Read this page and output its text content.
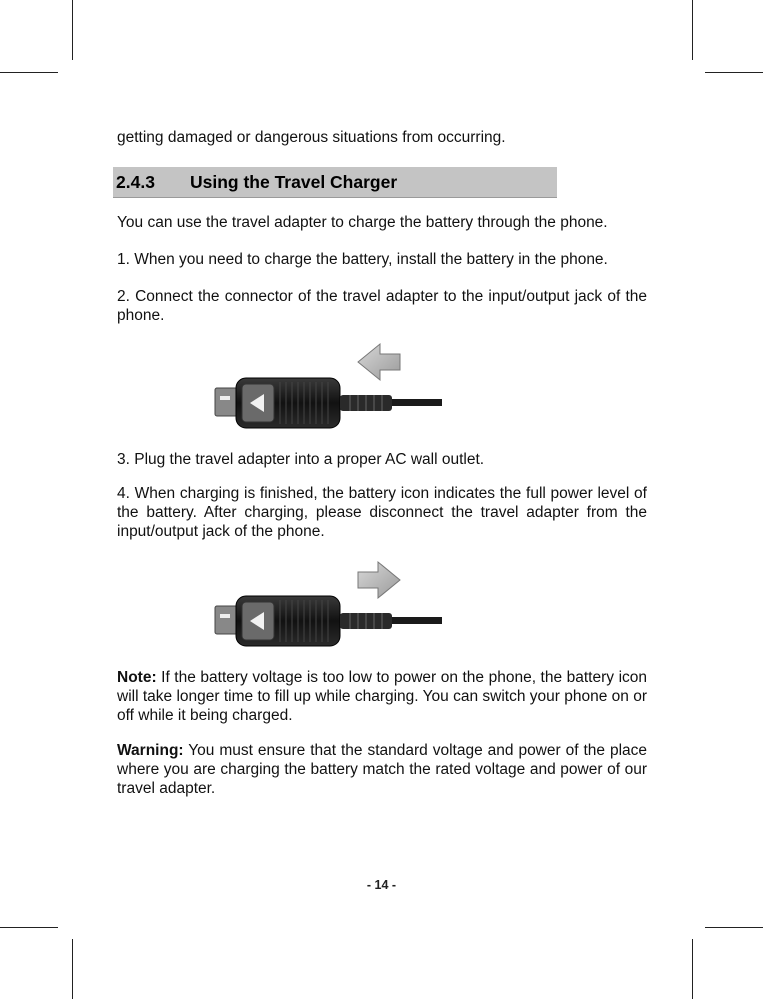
getting damaged or dangerous situations from occurring.

2.4.3 Using the Travel Charger

You can use the travel adapter to charge the battery through the phone.

1. When you need to charge the battery, install the battery in the phone.

2. Connect the connector of the travel adapter to the input/output jack of the phone.

3. Plug the travel adapter into a proper AC wall outlet.

4. When charging is finished, the battery icon indicates the full power level of the battery. After charging, please disconnect the travel adapter from the input/output jack of the phone.

Note: If the battery voltage is too low to power on the phone, the battery icon will take longer time to fill up while charging. You can switch your phone on or off while it being charged.

Warning: You must ensure that the standard voltage and power of the place where you are charging the battery match the rated voltage and power of our travel adapter.

- 14 -
